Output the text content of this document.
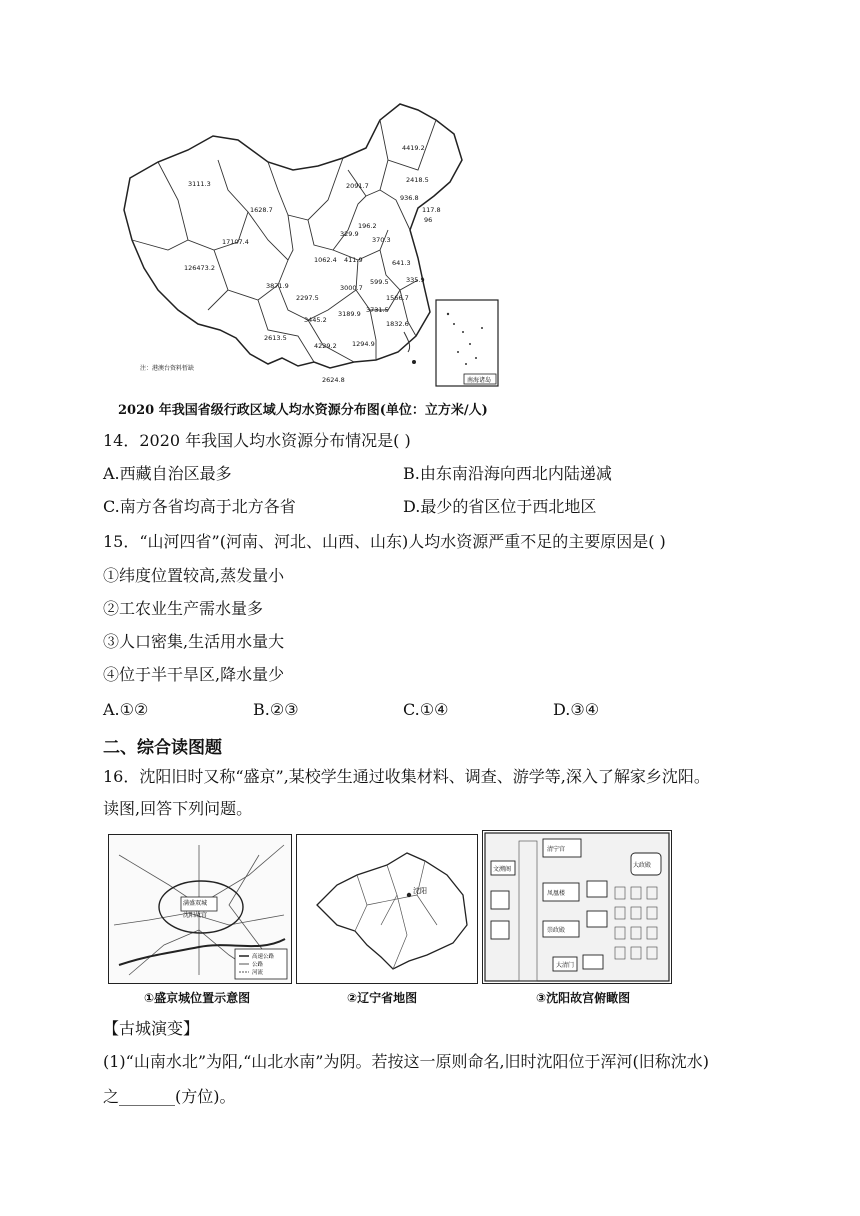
3111.3	2091.7
4419.2
2418.5
936.8
117.8
96
1628.7
17107.4
196.2
329.9
370.3
1062.4 411.9	641.3
335.9
3871.9	3000.7
599.5
1566.7
126473.2
3445.2
3189.9 3731.5
1832.6
2613.5
4229.2 1294.9
2624.8
2297.5
注：港澳台资料暂缺
南海诸岛
2020 年我国省级行政区域人均水资源分布图(单位：立方米/人)
14．2020 年我国人均水资源分布情况是( )
A.西藏自治区最多	B.由东南沿海向西北内陆递减
C.南方各省均高于北方各省	D.最少的省区位于西北地区
15．“山河四省”(河南、河北、山西、山东)人均水资源严重不足的主要原因是( )
①纬度位置较高,蒸发量小
②工农业生产需水量多
③人口密集,生活用水量大
④位于半干旱区,降水量少
A.①②	B.②③	C.①④	D.③④
二、综合读图题
16．沈阳旧时又称“盛京”,某校学生通过收集材料、调查、游学等,深入了解家乡沈阳。
读图,回答下列问题。
满盛双城
沈阳故宫
高速公路
公路
河流
①盛京城位置示意图
沈阳
②辽宁省地图
清宁宫
大政殿
凤凰楼
崇政殿
大清门
文溯阁
③沈阳故宫俯瞰图
【古城演变】
(1)“山南水北”为阳,“山北水南”为阴。若按这一原则命名,旧时沈阳位于浑河(旧称沈水)
之_______(方位)。
